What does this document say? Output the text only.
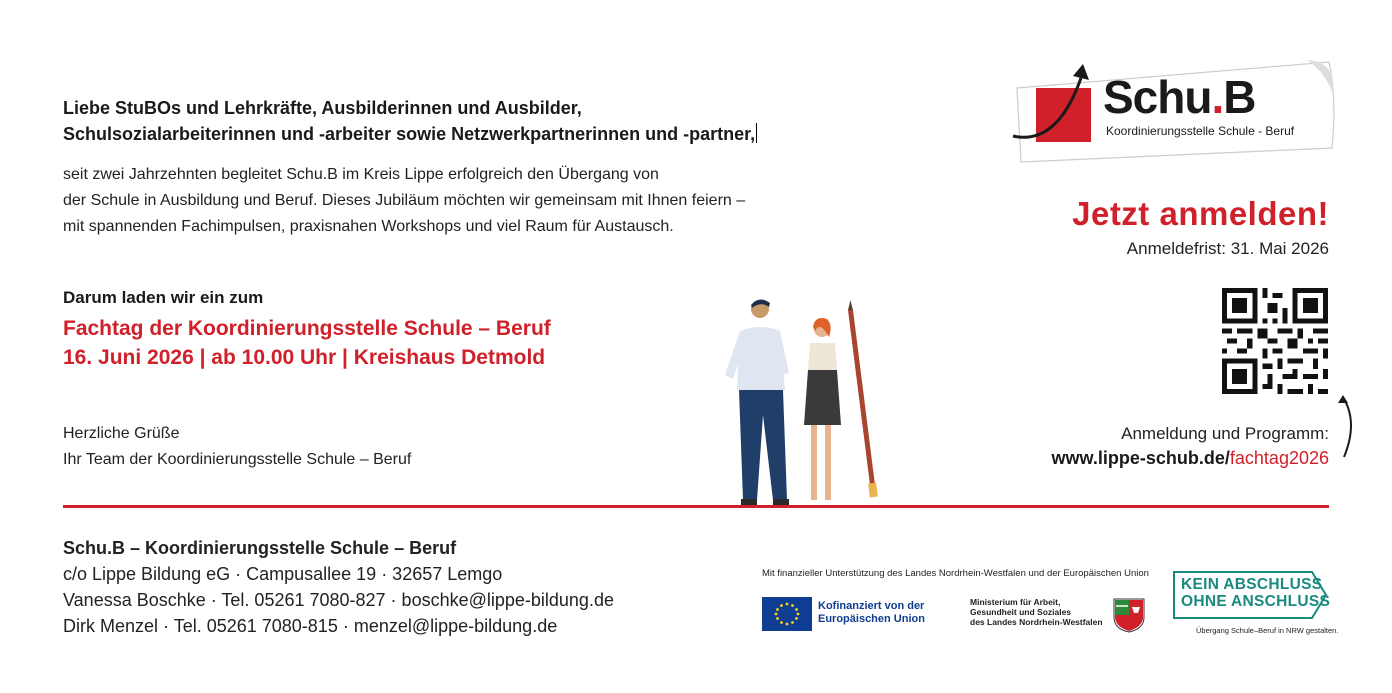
Liebe StuBOs und Lehrkräfte, Ausbilderinnen und Ausbilder,
Schulsozialarbeiterinnen und -arbeiter sowie Netzwerkpartnerinnen und -partner,
seit zwei Jahrzehnten begleitet Schu.B im Kreis Lippe erfolgreich den Übergang von
der Schule in Ausbildung und Beruf. Dieses Jubiläum möchten wir gemeinsam mit Ihnen feiern –
mit spannenden Fachimpulsen, praxisnahen Workshops und viel Raum für Austausch.
Darum laden wir ein zum
Fachtag der Koordinierungsstelle Schule – Beruf
16. Juni 2026 | ab 10.00 Uhr | Kreishaus Detmold
Herzliche Grüße
Ihr Team der Koordinierungsstelle Schule – Beruf
Schu.B
Koordinierungsstelle Schule - Beruf
Jetzt anmelden!
Anmeldefrist: 31. Mai 2026
Anmeldung und Programm:
www.lippe-schub.de/fachtag2026
Schu.B – Koordinierungsstelle Schule – Beruf
c/o Lippe Bildung eG · Campusallee 19 · 32657 Lemgo
Vanessa Boschke · Tel. 05261 7080-827 · boschke@lippe-bildung.de
Dirk Menzel · Tel. 05261 7080-815 · menzel@lippe-bildung.de
Mit finanzieller Unterstützung des Landes Nordrhein-Westfalen und der Europäischen Union
Kofinanziert von der
Europäischen Union
Ministerium für Arbeit,
Gesundheit und Soziales
des Landes Nordrhein-Westfalen
KEIN ABSCHLUSS
OHNE ANSCHLUSS
Übergang Schule–Beruf in NRW gestalten.
